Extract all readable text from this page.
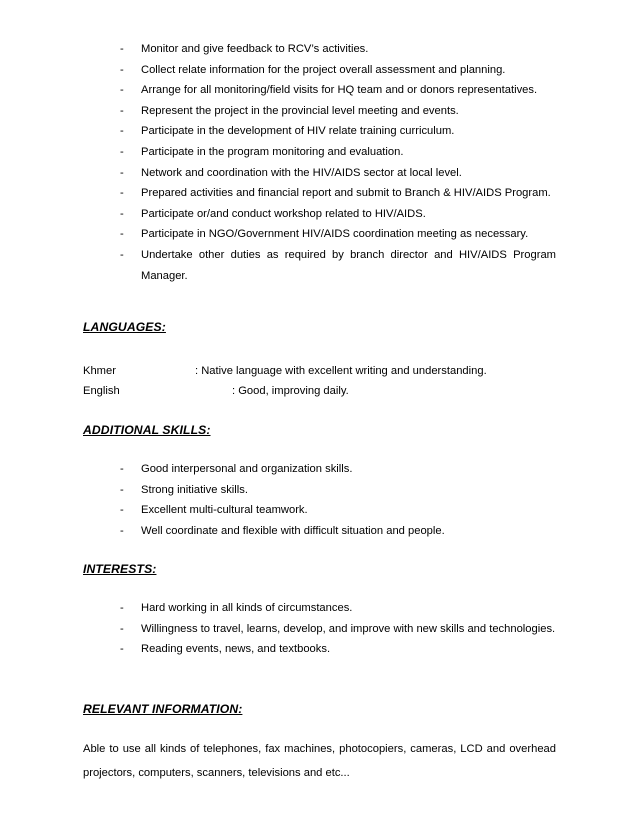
- Monitor and give feedback to RCV’s activities.
- Collect relate information for the project overall assessment and planning.
- Arrange for all monitoring/field visits for HQ team and or donors representatives.
- Represent the project in the provincial level meeting and events.
- Participate in the development of HIV relate training curriculum.
- Participate in the program monitoring and evaluation.
- Network and coordination with the HIV/AIDS sector at local level.
- Prepared activities and financial report and submit to Branch & HIV/AIDS Program.
- Participate or/and conduct workshop related to HIV/AIDS.
- Participate in NGO/Government HIV/AIDS coordination meeting as necessary.
- Undertake other duties as required by branch director and HIV/AIDS Program Manager.
LANGUAGES:
Khmer	: Native language with excellent writing and understanding.
English	: Good, improving daily.
ADDITIONAL SKILLS:
- Good interpersonal and organization skills.
- Strong initiative skills.
- Excellent multi-cultural teamwork.
- Well coordinate and flexible with difficult situation and people.
INTERESTS:
- Hard working in all kinds of circumstances.
- Willingness to travel, learns, develop, and improve with new skills and technologies.
- Reading events, news, and textbooks.
RELEVANT INFORMATION:
Able to use all kinds of telephones, fax machines, photocopiers, cameras, LCD and overhead projectors, computers, scanners, televisions and etc...
